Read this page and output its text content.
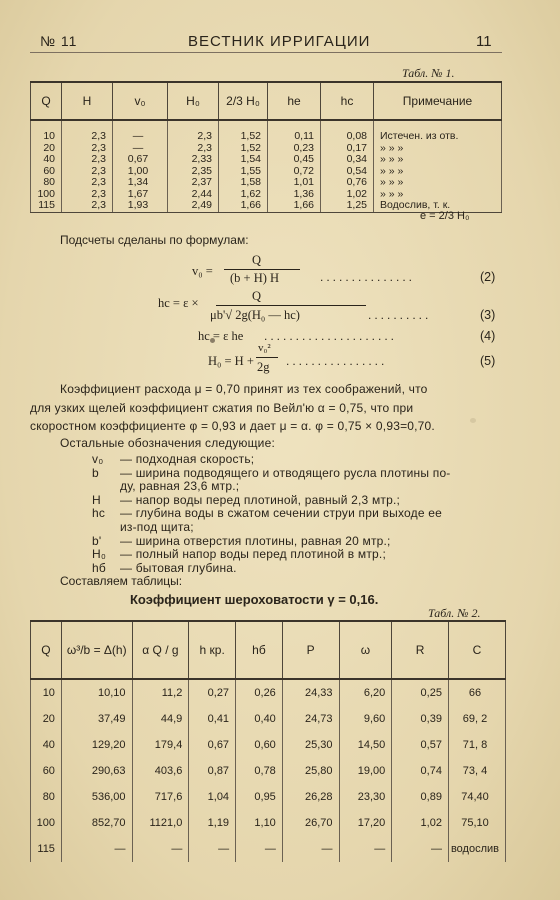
№ 11	ВЕСТНИК ИРРИГАЦИИ	11
Табл. № 1.
Q	H	v₀	H₀	2/3 H₀	hе	hс	Примечание
10	2,3	—	2,3	1,52	0,11	0,08	Истечен. из отв.
20	2,3	—	2,3	1,52	0,23	0,17	» » »
40	2,3	0,67	2,33	1,54	0,45	0,34	» » »
60	2,3	1,00	2,35	1,55	0,72	0,54	» » »
80	2,3	1,34	2,37	1,58	1,01	0,76	» » »
100	2,3	1,67	2,44	1,62	1,36	1,02	» » »
115	2,3	1,93	2,49	1,66	1,66	1,25	Водослив, т. к.
e = 2/3 H₀
Подсчеты сделаны по формулам:
v₀ =
Q
(b + H) H	...............	(2)
hc = ε ×	Q
μb'√ 2g(H₀ — hc)	..........	(3)
hc = ε he .....................	(4)
H₀ = H +
v₀²
2g ................	(5)
Коэффициент расхода μ = 0,70 принят из тех соображений, что
для узких щелей коэффициент сжатия по Вейл'ю α = 0,75, что при
скоростном коэффициенте φ = 0,93 и дает μ = α. φ = 0,75 × 0,93=0,70.
Остальные обозначения следующие:
v₀ — подходная скорость;
b — ширина подводящего и отводящего русла плотины по-
ду, равная 23,6 мтр.;
H — напор воды перед плотиной, равный 2,3 мтр.;
hc — глубина воды в сжатом сечении струи при выходе ее
из-под щита;
b' — ширина отверстия плотины, равная 20 мтр.;
H₀ — полный напор воды перед плотиной в мтр.;
hб — бытовая глубина.
Составляем таблицы:
Коэффициент шероховатости γ = 0,16.
Табл. № 2.
Q	ω³/b = Δ(h)	α Q / g	h кр.	hб	P	ω	R	C
10	10,10	11,2	0,27	0,26	24,33	6,20	0,25	66
20	37,49	44,9	0,41	0,40	24,73	9,60	0,39	69, 2
40	129,20	179,4	0,67	0,60	25,30	14,50	0,57	71, 8
60	290,63	403,6	0,87	0,78	25,80	19,00	0,74	73, 4
80	536,00	717,6	1,04	0,95	26,28	23,30	0,89	74,40
100	852,70	1121,0	1,19	1,10	26,70	17,20	1,02	75,10
115	—	—	—	—	—	—	—	водослив
